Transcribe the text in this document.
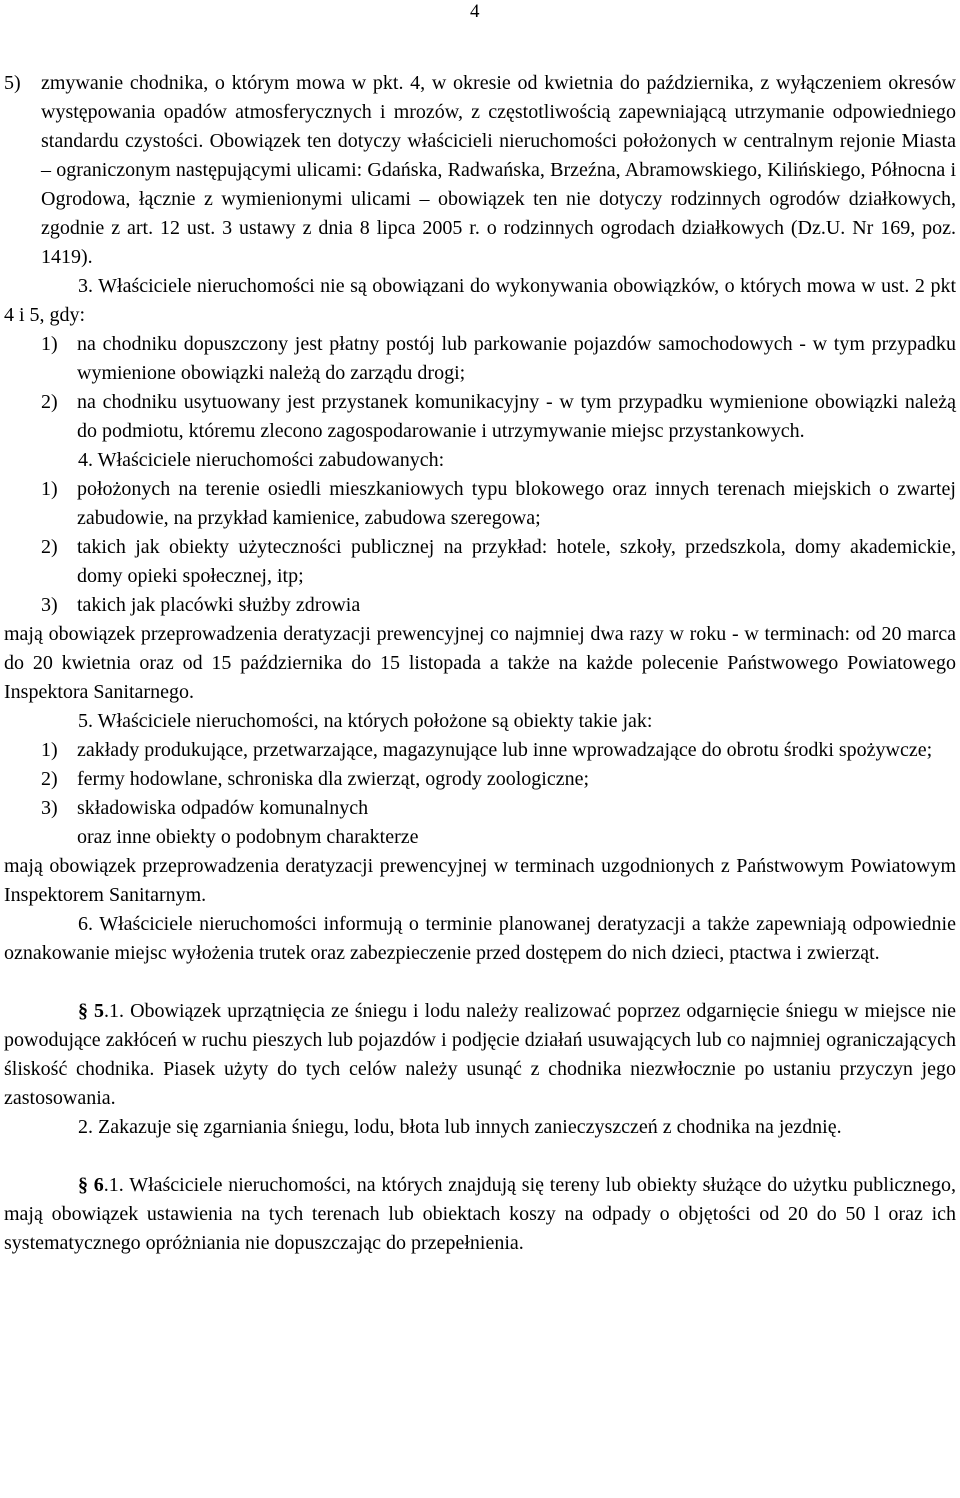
4
5)	zmywanie chodnika, o którym mowa w pkt. 4, w okresie od kwietnia do października, z wyłączeniem okresów występowania opadów atmosferycznych i mrozów, z częstotliwością zapewniającą utrzymanie odpowiedniego standardu czystości. Obowiązek ten dotyczy właścicieli nieruchomości położonych w centralnym rejonie Miasta – ograniczonym następującymi ulicami: Gdańska, Radwańska, Brzeźna, Abramowskiego, Kilińskiego, Północna i Ogrodowa, łącznie z wymienionymi ulicami – obowiązek ten nie dotyczy rodzinnych ogrodów działkowych, zgodnie z art. 12 ust. 3 ustawy z dnia 8 lipca 2005 r. o rodzinnych ogrodach działkowych (Dz.U. Nr 169, poz. 1419).

3. Właściciele nieruchomości nie są obowiązani do wykonywania obowiązków, o których mowa w ust. 2 pkt 4 i 5, gdy:

1) na chodniku dopuszczony jest płatny postój lub parkowanie pojazdów samochodowych - w tym przypadku wymienione obowiązki należą do zarządu drogi;
2) na chodniku usytuowany jest przystanek komunikacyjny - w tym przypadku wymienione obowiązki należą do podmiotu, któremu zlecono zagospodarowanie i utrzymywanie miejsc przystankowych.

4. Właściciele nieruchomości zabudowanych:

1) położonych na terenie osiedli mieszkaniowych typu blokowego oraz innych terenach miejskich o zwartej zabudowie, na przykład kamienice, zabudowa szeregowa;
2) takich jak obiekty użyteczności publicznej na przykład: hotele, szkoły, przedszkola, domy akademickie, domy opieki społecznej, itp;
3) takich jak placówki służby zdrowia

mają obowiązek przeprowadzenia deratyzacji prewencyjnej co najmniej dwa razy w roku - w terminach: od 20 marca do 20 kwietnia oraz od 15 października do 15 listopada a także na każde polecenie Państwowego Powiatowego Inspektora Sanitarnego.

5. Właściciele nieruchomości, na których położone są obiekty takie jak:

1) zakłady produkujące, przetwarzające, magazynujące lub inne wprowadzające do obrotu środki spożywcze;
2) fermy hodowlane, schroniska dla zwierząt, ogrody zoologiczne;
3) składowiska odpadów komunalnych

oraz inne obiekty o podobnym charakterze

mają obowiązek przeprowadzenia deratyzacji prewencyjnej w terminach uzgodnionych z Państwowym Powiatowym Inspektorem Sanitarnym.

6. Właściciele nieruchomości informują o terminie planowanej deratyzacji a także zapewniają odpowiednie oznakowanie miejsc wyłożenia trutek oraz zabezpieczenie przed dostępem do nich dzieci, ptactwa i zwierząt.

§ 5.1. Obowiązek uprzątnięcia ze śniegu i lodu należy realizować poprzez odgarnięcie śniegu w miejsce nie powodujące zakłóceń w ruchu pieszych lub pojazdów i podjęcie działań usuwających lub co najmniej ograniczających śliskość chodnika. Piasek użyty do tych celów należy usunąć z chodnika niezwłocznie po ustaniu przyczyn jego zastosowania.

2. Zakazuje się zgarniania śniegu, lodu, błota lub innych zanieczyszczeń z chodnika na jezdnię.

§ 6.1. Właściciele nieruchomości, na których znajdują się tereny lub obiekty służące do użytku publicznego, mają obowiązek ustawienia na tych terenach lub obiektach koszy na odpady o objętości od 20 do 50 l oraz ich systematycznego opróżniania nie dopuszczając do przepełnienia.
